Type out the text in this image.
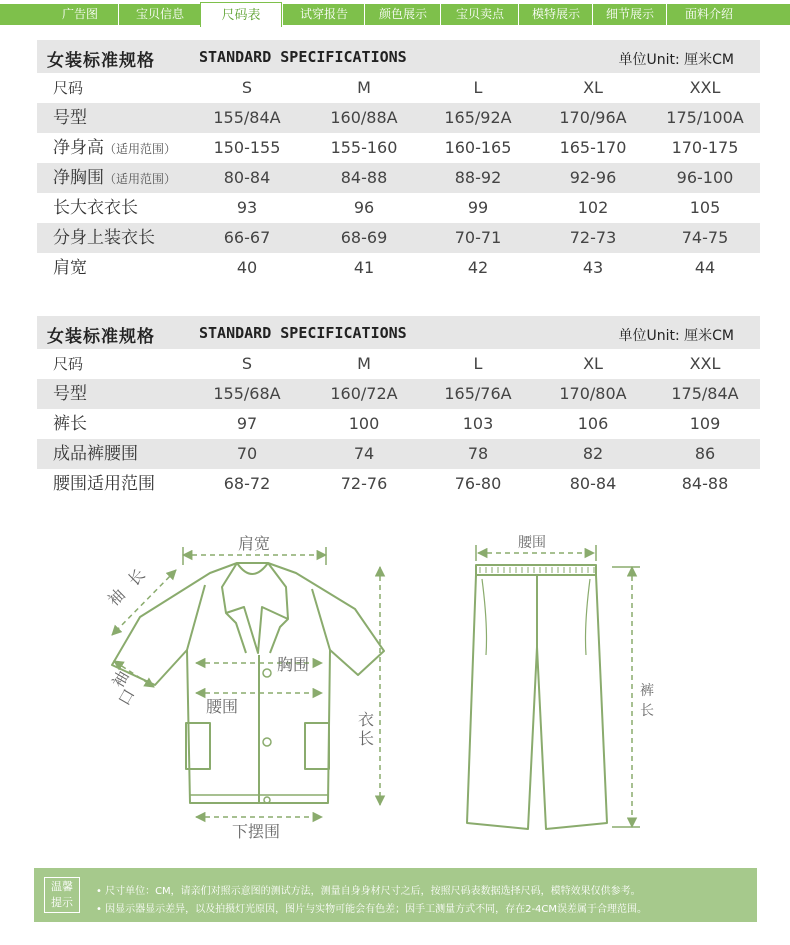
广告图	宝贝信息	尺码表	试穿报告	颜色展示	宝贝卖点	模特展示	细节展示	面料介绍
女装标准规格	STANDARD SPECIFICATIONS	单位Unit: 厘米CM
尺码	S	M	L	XL	XXL
号型	155/84A	160/88A	165/92A	170/96A	175/100A
净身高（适用范围）	150-155	155-160	160-165	165-170	170-175
净胸围（适用范围）	80-84	84-88	88-92	92-96	96-100
长大衣衣长	93	96	99	102	105
分身上装衣长	66-67	68-69	70-71	72-73	74-75
肩宽	40	41	42	43	44
女装标准规格	STANDARD SPECIFICATIONS	单位Unit: 厘米CM
尺码	S	M	L	XL	XXL
号型	155/68A	160/72A	165/76A	170/80A	175/84A
裤长	97	100	103	106	109
成品裤腰围	70	74	78	82	86
腰围适用范围	68-72	72-76	76-80	80-84	84-88
肩宽
袖
长
袖
口
胸围
腰围
衣
长
下摆围
腰围
裤
长
温馨
提示
• 尺寸单位：CM，请亲们对照示意图的测试方法，测量自身身材尺寸之后，按照尺码表数据选择尺码，模特效果仅供参考。
• 因显示器显示差异，以及拍摄灯光原因，图片与实物可能会有色差；因手工测量方式不同，存在2-4CM误差属于合理范围。
